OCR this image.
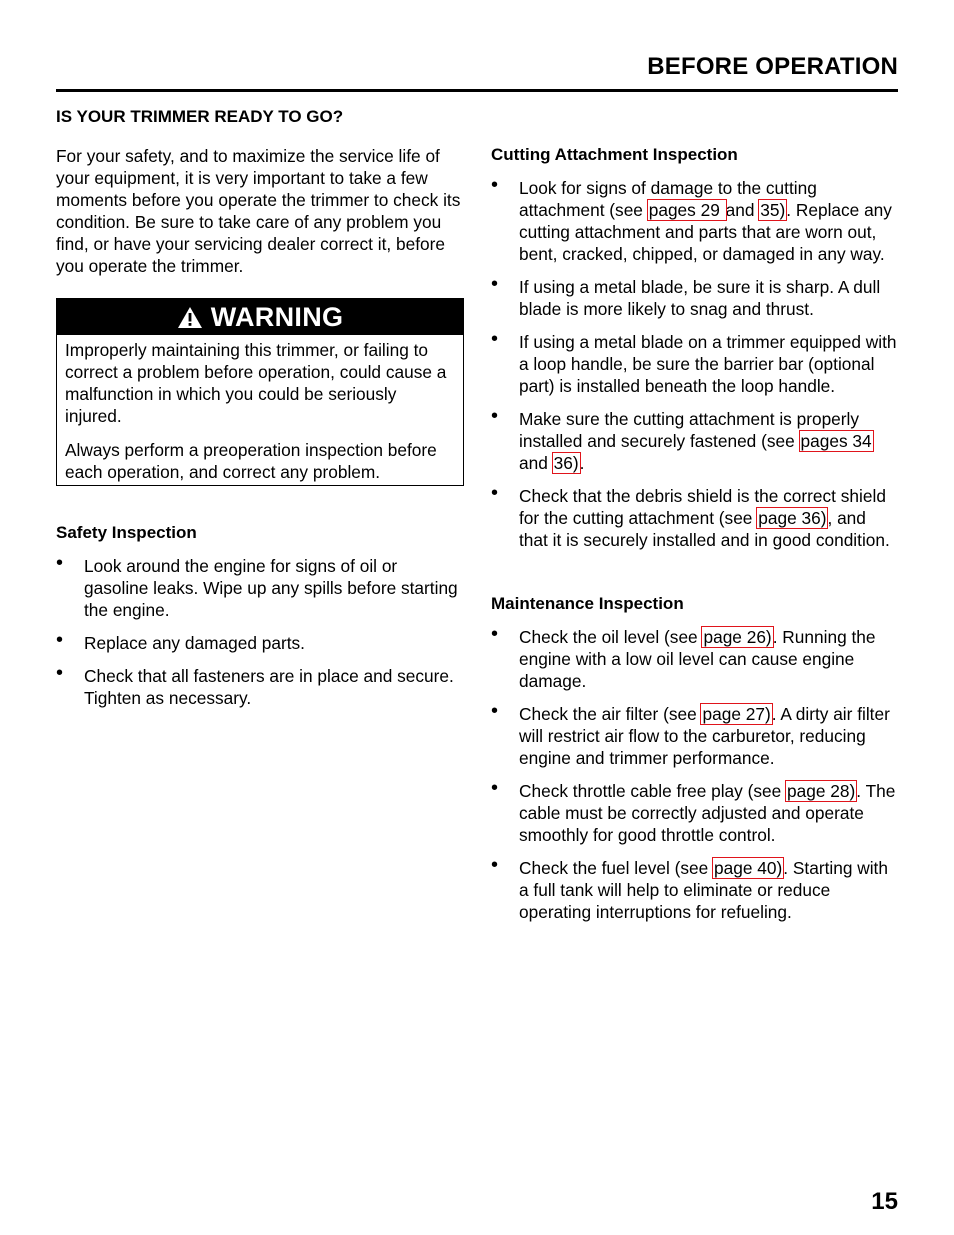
BEFORE OPERATION
IS YOUR TRIMMER READY TO GO?

For your safety, and to maximize the service life of your equipment, it is very important to take a few moments before you operate the trimmer to check its condition. Be sure to take care of any problem you find, or have your servicing dealer correct it, before you operate the trimmer.

WARNING

Improperly maintaining this trimmer, or failing to correct a problem before operation, could cause a malfunction in which you could be seriously injured.

Always perform a preoperation inspection before each operation, and correct any problem.

Safety Inspection
• Look around the engine for signs of oil or gasoline leaks. Wipe up any spills before starting the engine.
• Replace any damaged parts.
• Check that all fasteners are in place and secure. Tighten as necessary.
Cutting Attachment Inspection
• Look for signs of damage to the cutting attachment (see pages 29 and 35). Replace any cutting attachment and parts that are worn out, bent, cracked, chipped, or damaged in any way.
• If using a metal blade, be sure it is sharp. A dull blade is more likely to snag and thrust.
• If using a metal blade on a trimmer equipped with a loop handle, be sure the barrier bar (optional part) is installed beneath the loop handle.
• Make sure the cutting attachment is properly installed and securely fastened (see pages 34 and 36).
• Check that the debris shield is the correct shield for the cutting attachment (see page 36), and that it is securely installed and in good condition.
Maintenance Inspection
• Check the oil level (see page 26). Running the engine with a low oil level can cause engine damage.
• Check the air filter (see page 27). A dirty air filter will restrict air flow to the carburetor, reducing engine and trimmer performance.
• Check throttle cable free play (see page 28). The cable must be correctly adjusted and operate smoothly for good throttle control.
• Check the fuel level (see page 40). Starting with a full tank will help to eliminate or reduce operating interruptions for refueling.
15
